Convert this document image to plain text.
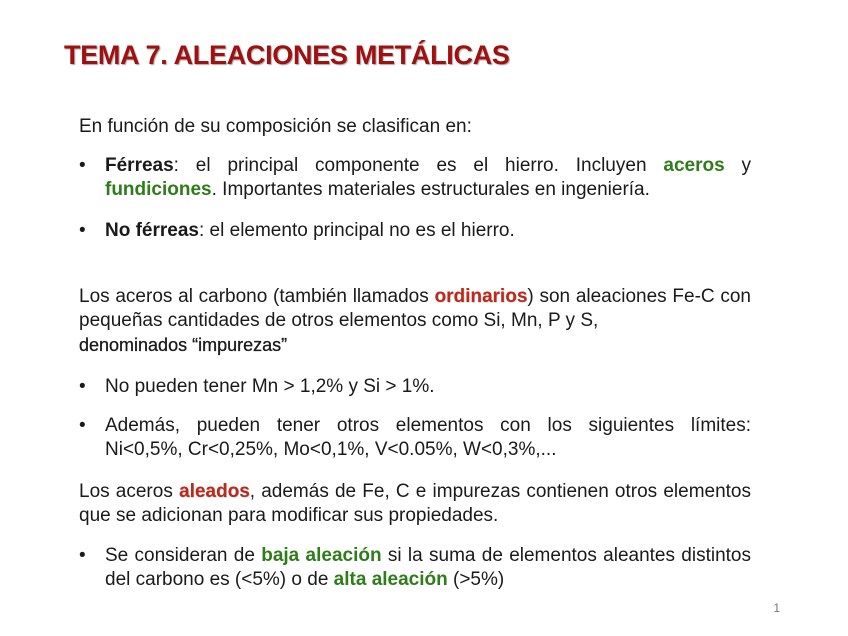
TEMA 7. ALEACIONES METÁLICAS
En función de su composición se clasifican en:
•	Férreas: el principal componente es el hierro. Incluyen aceros y fundiciones. Importantes materiales estructurales en ingeniería.
•	No férreas: el elemento principal no es el hierro.
Los aceros al carbono (también llamados ordinarios) son aleaciones Fe-C con pequeñas cantidades de otros elementos como Si, Mn, P y S,
denominados “impurezas”
•	No pueden tener Mn > 1,2% y Si > 1%.
•	Además, pueden tener otros elementos con los siguientes límites:
Ni<0,5%, Cr<0,25%, Mo<0,1%, V<0.05%, W<0,3%,...
Los aceros aleados, además de Fe, C e impurezas contienen otros elementos que se adicionan para modificar sus propiedades.
•	Se consideran de baja aleación si la suma de elementos aleantes distintos del carbono es (<5%) o de alta aleación (>5%)
1
